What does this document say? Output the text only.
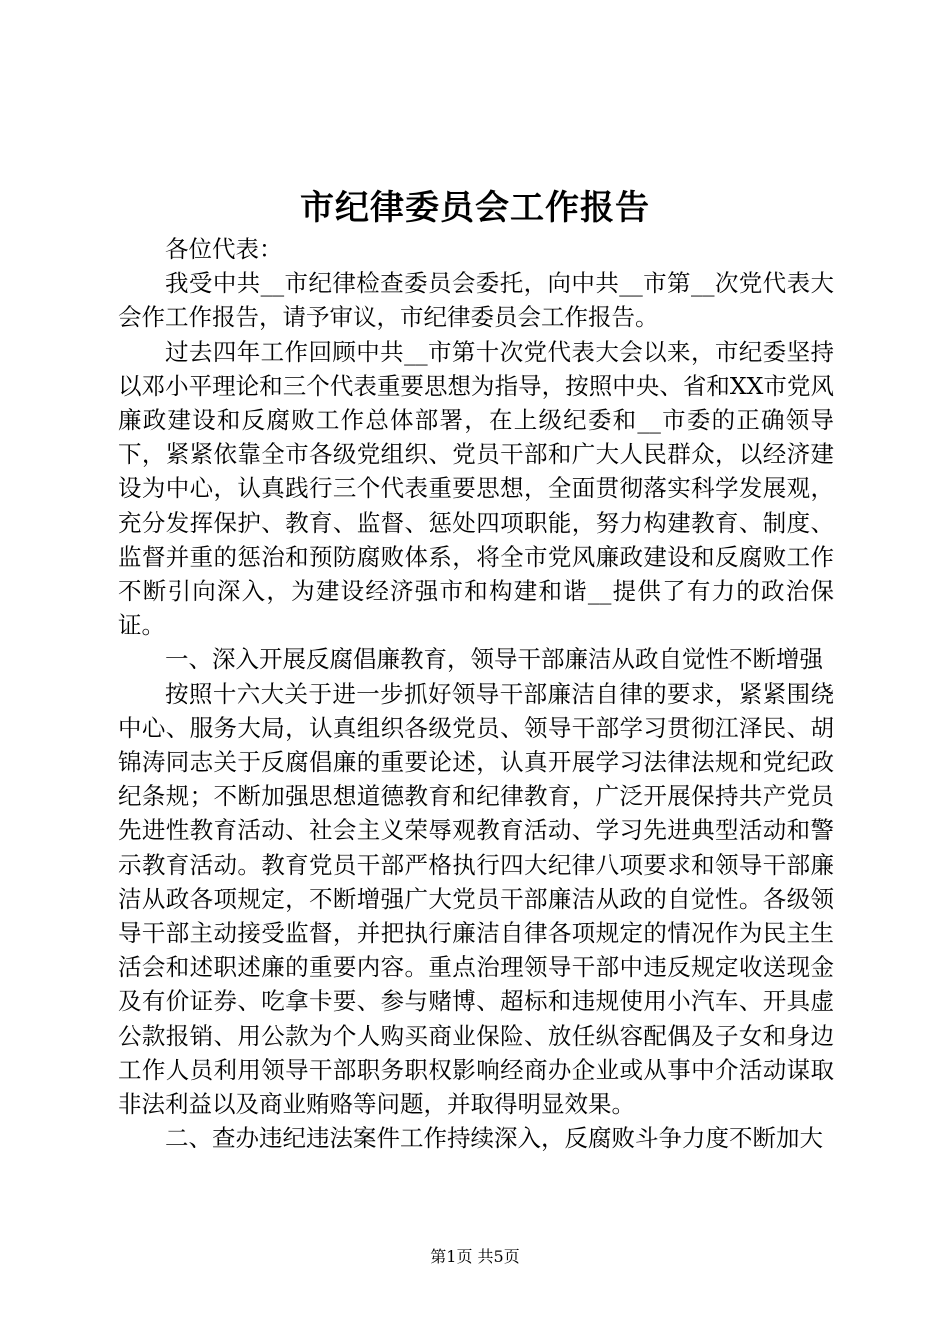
市纪律委员会工作报告

各位代表：

我受中共__市纪律检查委员会委托，向中共__市第__次党代表大会作工作报告，请予审议，市纪律委员会工作报告。

过去四年工作回顾中共__市第十次党代表大会以来，市纪委坚持以邓小平理论和三个代表重要思想为指导，按照中央、省和XX市党风廉政建设和反腐败工作总体部署，在上级纪委和__市委的正确领导下，紧紧依靠全市各级党组织、党员干部和广大人民群众，以经济建设为中心，认真践行三个代表重要思想，全面贯彻落实科学发展观，充分发挥保护、教育、监督、惩处四项职能，努力构建教育、制度、监督并重的惩治和预防腐败体系，将全市党风廉政建设和反腐败工作不断引向深入，为建设经济强市和构建和谐__提供了有力的政治保证。

一、深入开展反腐倡廉教育，领导干部廉洁从政自觉性不断增强

按照十六大关于进一步抓好领导干部廉洁自律的要求，紧紧围绕中心、服务大局，认真组织各级党员、领导干部学习贯彻江泽民、胡锦涛同志关于反腐倡廉的重要论述，认真开展学习法律法规和党纪政纪条规；不断加强思想道德教育和纪律教育，广泛开展保持共产党员先进性教育活动、社会主义荣辱观教育活动、学习先进典型活动和警示教育活动。教育党员干部严格执行四大纪律八项要求和领导干部廉洁从政各项规定，不断增强广大党员干部廉洁从政的自觉性。各级领导干部主动接受监督，并把执行廉洁自律各项规定的情况作为民主生活会和述职述廉的重要内容。重点治理领导干部中违反规定收送现金及有价证券、吃拿卡要、参与赌博、超标和违规使用小汽车、开具虚公款报销、用公款为个人购买商业保险、放任纵容配偶及子女和身边工作人员利用领导干部职务职权影响经商办企业或从事中介活动谋取非法利益以及商业贿赂等问题，并取得明显效果。

二、查办违纪违法案件工作持续深入，反腐败斗争力度不断加大

第1页 共5页
